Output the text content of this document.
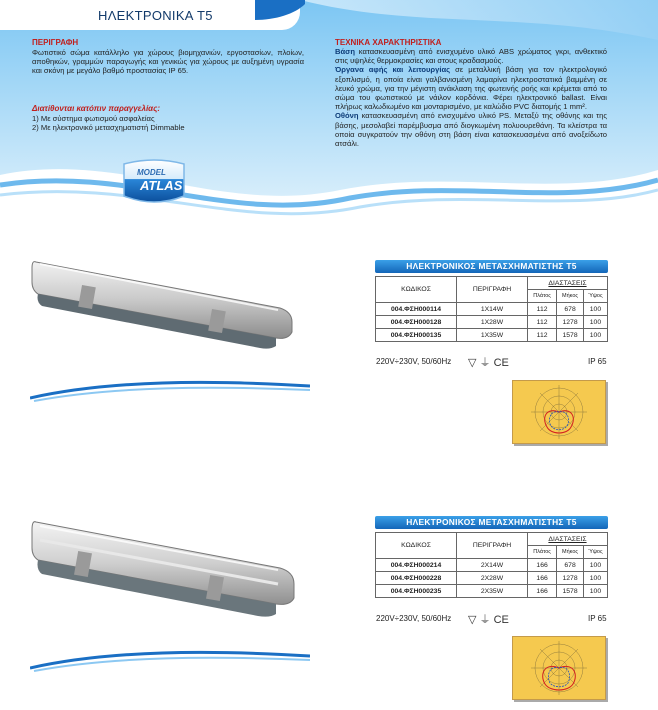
ΗΛΕΚΤΡΟΝΙΚΑ T5
ΠΕΡΙΓΡΑΦΗ
Φωτιστικό σώμα κατάλληλο για χώρους βιομηχανιών, εργοστασίων, πλοίων, αποθηκών, γραμμών παραγωγής και γενικώς για χώρους με αυξημένη υγρασία και σκόνη με μεγάλο βαθμό προστασίας IP 65.
Διατίθονται κατόπιν παραγγελίας:
1) Με σύστημα φωτισμού ασφαλείας
2) Με ηλεκτρονικό μετασχηματιστή Dimmable
ΤΕΧΝΙΚΑ ΧΑΡΑΚΤΗΡΙΣΤΙΚΑ
Βάση κατασκευασμένη από ενισχυμένο υλικό ABS χρώματος γκρι, ανθεκτικό στις υψηλές θερμοκρασίες και στους κραδασμούς.
Όργανα αφής και λειτουργίας σε μεταλλική βάση για τον ηλεκτρολογικό εξοπλισμό, η οποία είναι γαλβανισμένη λαμαρίνα ηλεκτροστατικά βαμμένη σε λευκό χρώμα, για την μέγιστη ανάκλαση της φωτεινής ροής και κρέμεται από το σώμα του φωτιστικού με νάιλον κορδόνια. Φέρει ηλεκτρονικό ballast. Είναι πλήρως καλωδιωμένο και μονταρισμένο, με καλώδιο PVC διατομής 1 mm².
Οθόνη κατασκευασμένη από ενισχυμένο υλικό PS. Μεταξύ της οθόνης και της βάσης, μεσολαβεί παρέμβυσμα από διογκωμένη πολυουρεθάνη. Τα κλείστρα τα οποία συγκρατούν την οθόνη στη βάση είναι κατασκευασμένα από ανοξείδωτο ατσάλι.
MODEL
ATLAS
ΗΛΕΚΤΡΟΝΙΚΟΣ ΜΕΤΑΣΧΗΜΑΤΙΣΤΗΣ T5
ΚΩΔΙΚΟΣ	ΠΕΡΙΓΡΑΦΗ	ΔΙΑΣΤΑΣΕΙΣ		
		Πλάτος	Μήκος	Ύψος
004.ΦΣΗ000114	1X14W	112	678	100
004.ΦΣΗ000128	1X28W	112	1278	100
004.ΦΣΗ000135	1X35W	112	1578	100
220V÷230V, 50/60Hz ▽ ⏚ CE	IP 65
ΗΛΕΚΤΡΟΝΙΚΟΣ ΜΕΤΑΣΧΗΜΑΤΙΣΤΗΣ T5
ΚΩΔΙΚΟΣ	ΠΕΡΙΓΡΑΦΗ	ΔΙΑΣΤΑΣΕΙΣ		
		Πλάτος	Μήκος	Ύψος
004.ΦΣΗ000214	2X14W	166	678	100
004.ΦΣΗ000228	2X28W	166	1278	100
004.ΦΣΗ000235	2X35W	166	1578	100
220V÷230V, 50/60Hz ▽ ⏚ CE	IP 65
